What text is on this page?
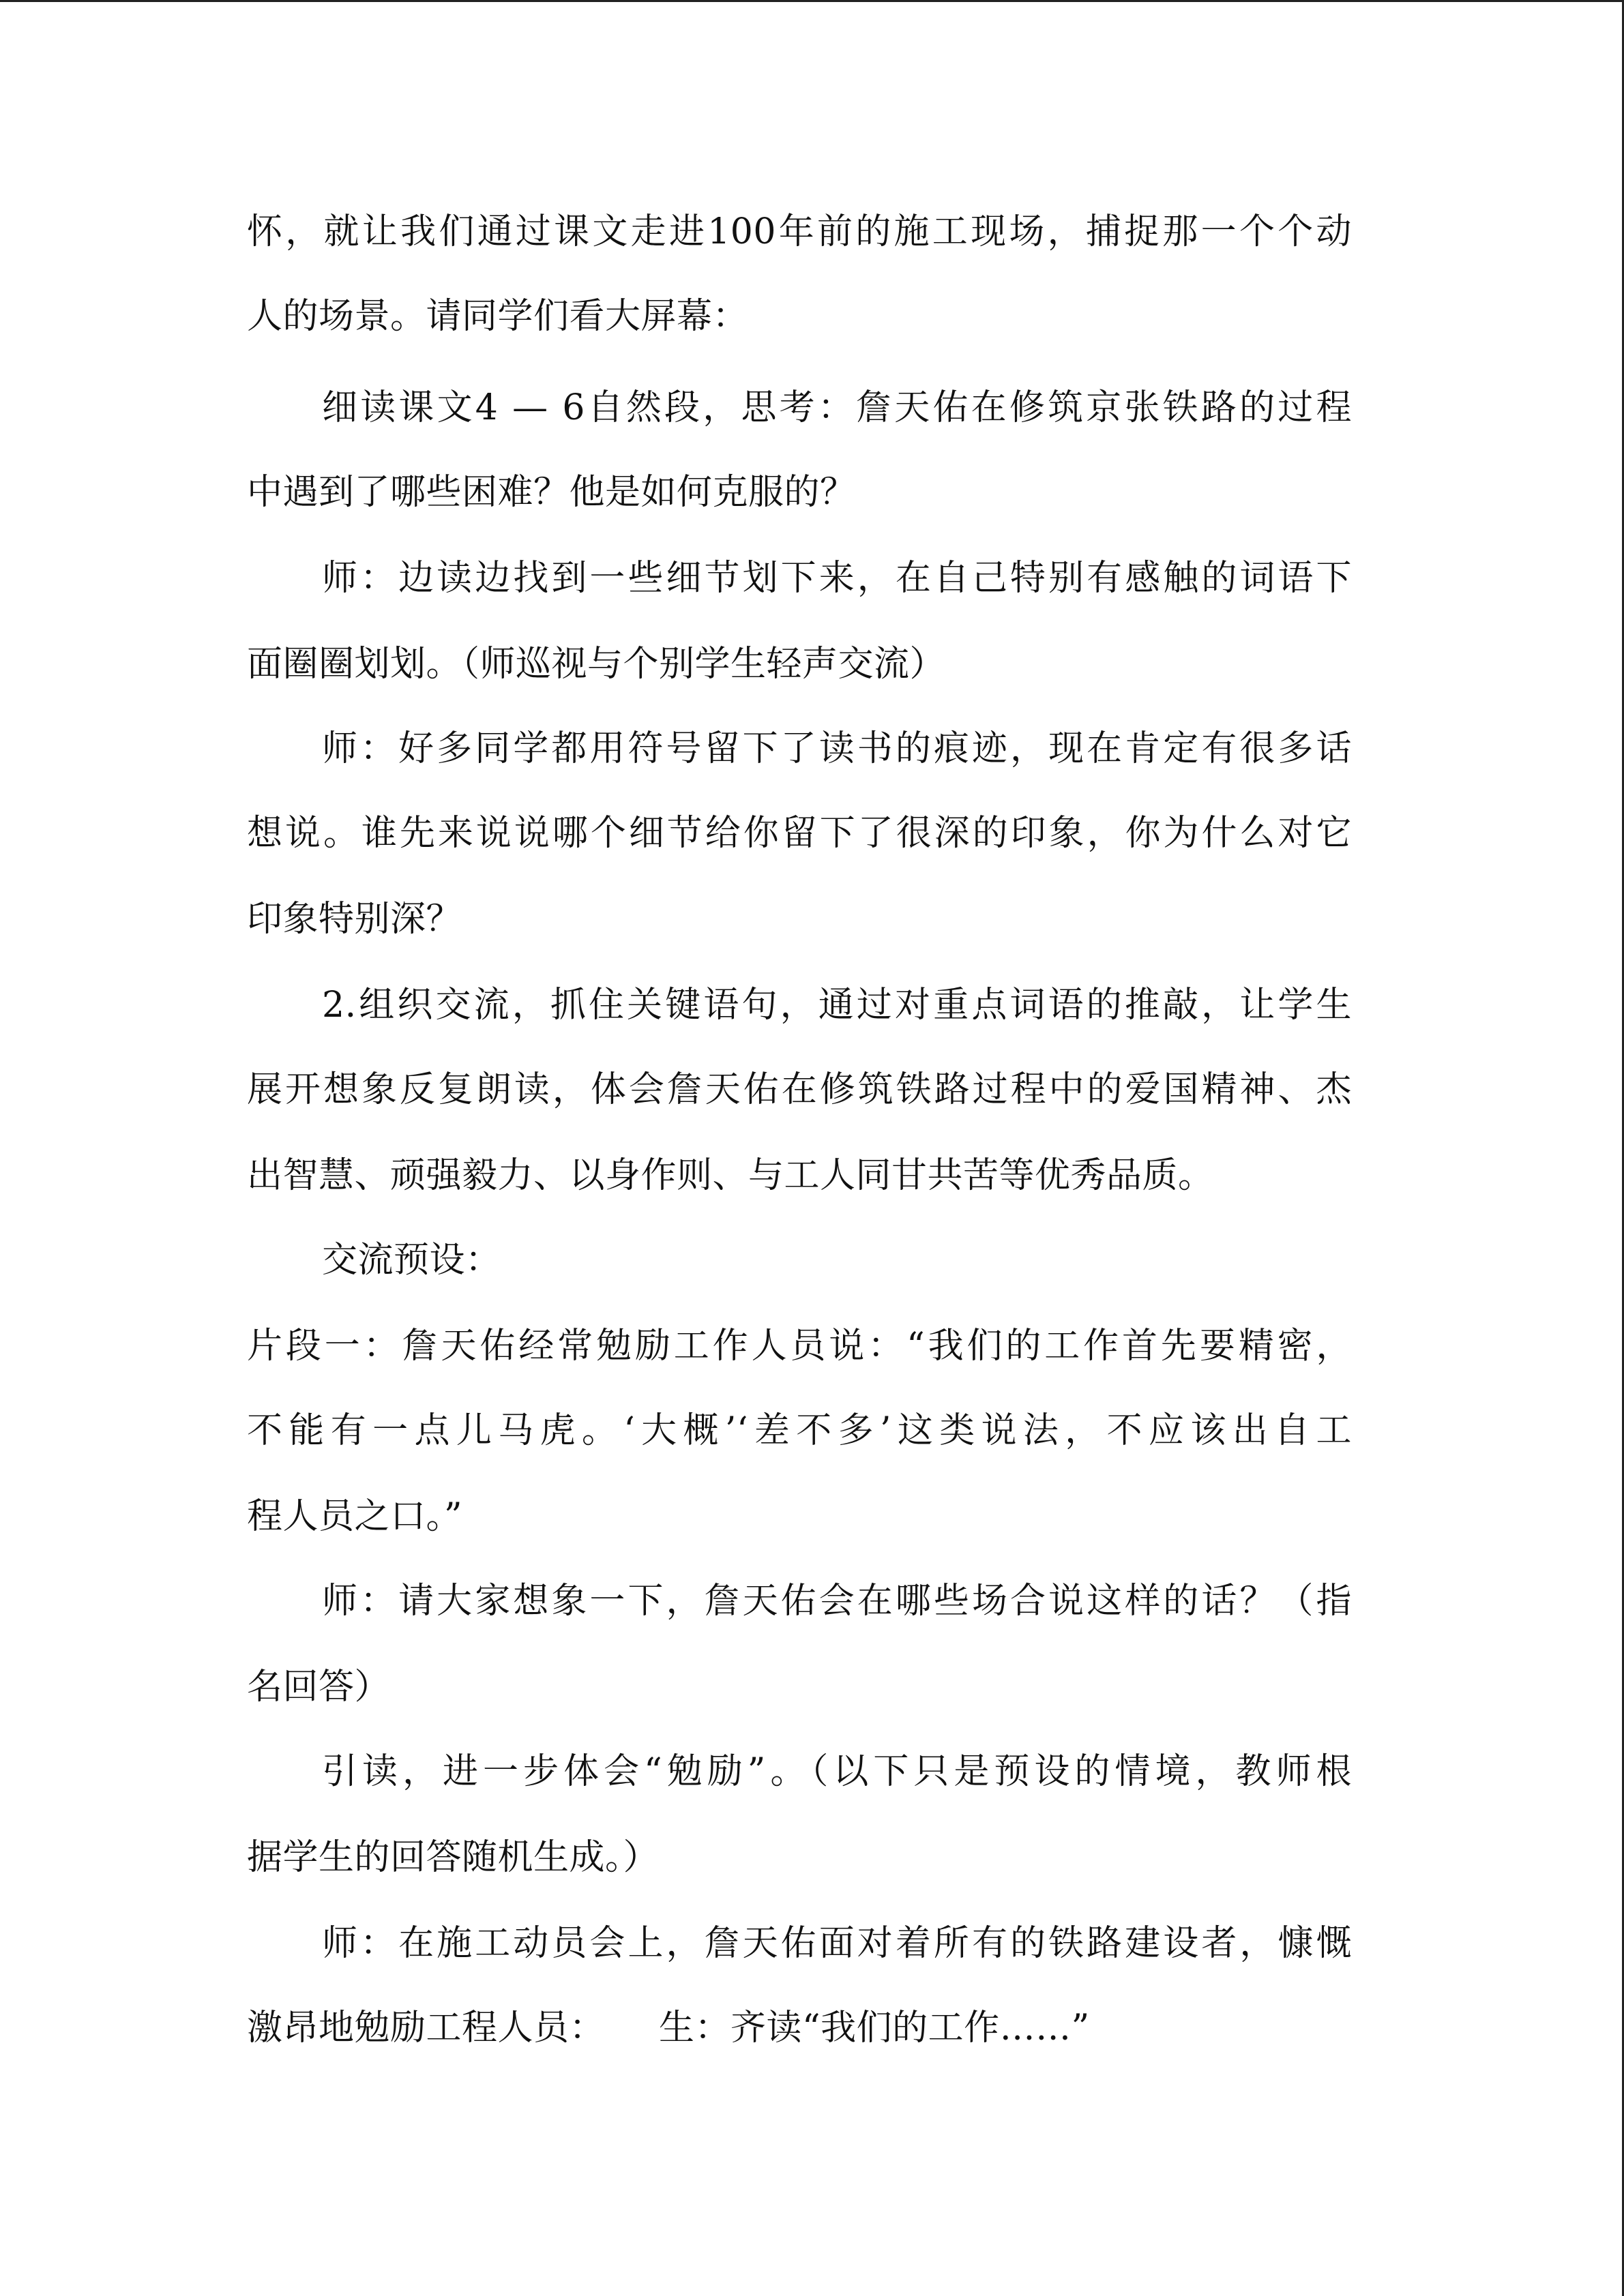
怀，就让我们通过课文走进100年前的施工现场，捕捉那一个个动
人的场景。请同学们看大屏幕：
细读课文4 — 6自然段，思考：詹天佑在修筑京张铁路的过程
中遇到了哪些困难？他是如何克服的？
师：边读边找到一些细节划下来，在自己特别有感触的词语下
面圈圈划划。（师巡视与个别学生轻声交流）
师：好多同学都用符号留下了读书的痕迹，现在肯定有很多话
想说。谁先来说说哪个细节给你留下了很深的印象，你为什么对它
印象特别深？
2.组织交流，抓住关键语句，通过对重点词语的推敲，让学生
展开想象反复朗读，体会詹天佑在修筑铁路过程中的爱国精神、杰
出智慧、顽强毅力、以身作则、与工人同甘共苦等优秀品质。
交流预设：
片段一：詹天佑经常勉励工作人员说：“我们的工作首先要精密，
不能有一点儿马虎。‘大概’‘差不多’这类说法，不应该出自工
程人员之口。”
师：请大家想象一下，詹天佑会在哪些场合说这样的话？（指
名回答）
引读，进一步体会“勉励”。（以下只是预设的情境，教师根
据学生的回答随机生成。）
师：在施工动员会上，詹天佑面对着所有的铁路建设者，慷慨
激昂地勉励工程人员：　　生：齐读“我们的工作……”
